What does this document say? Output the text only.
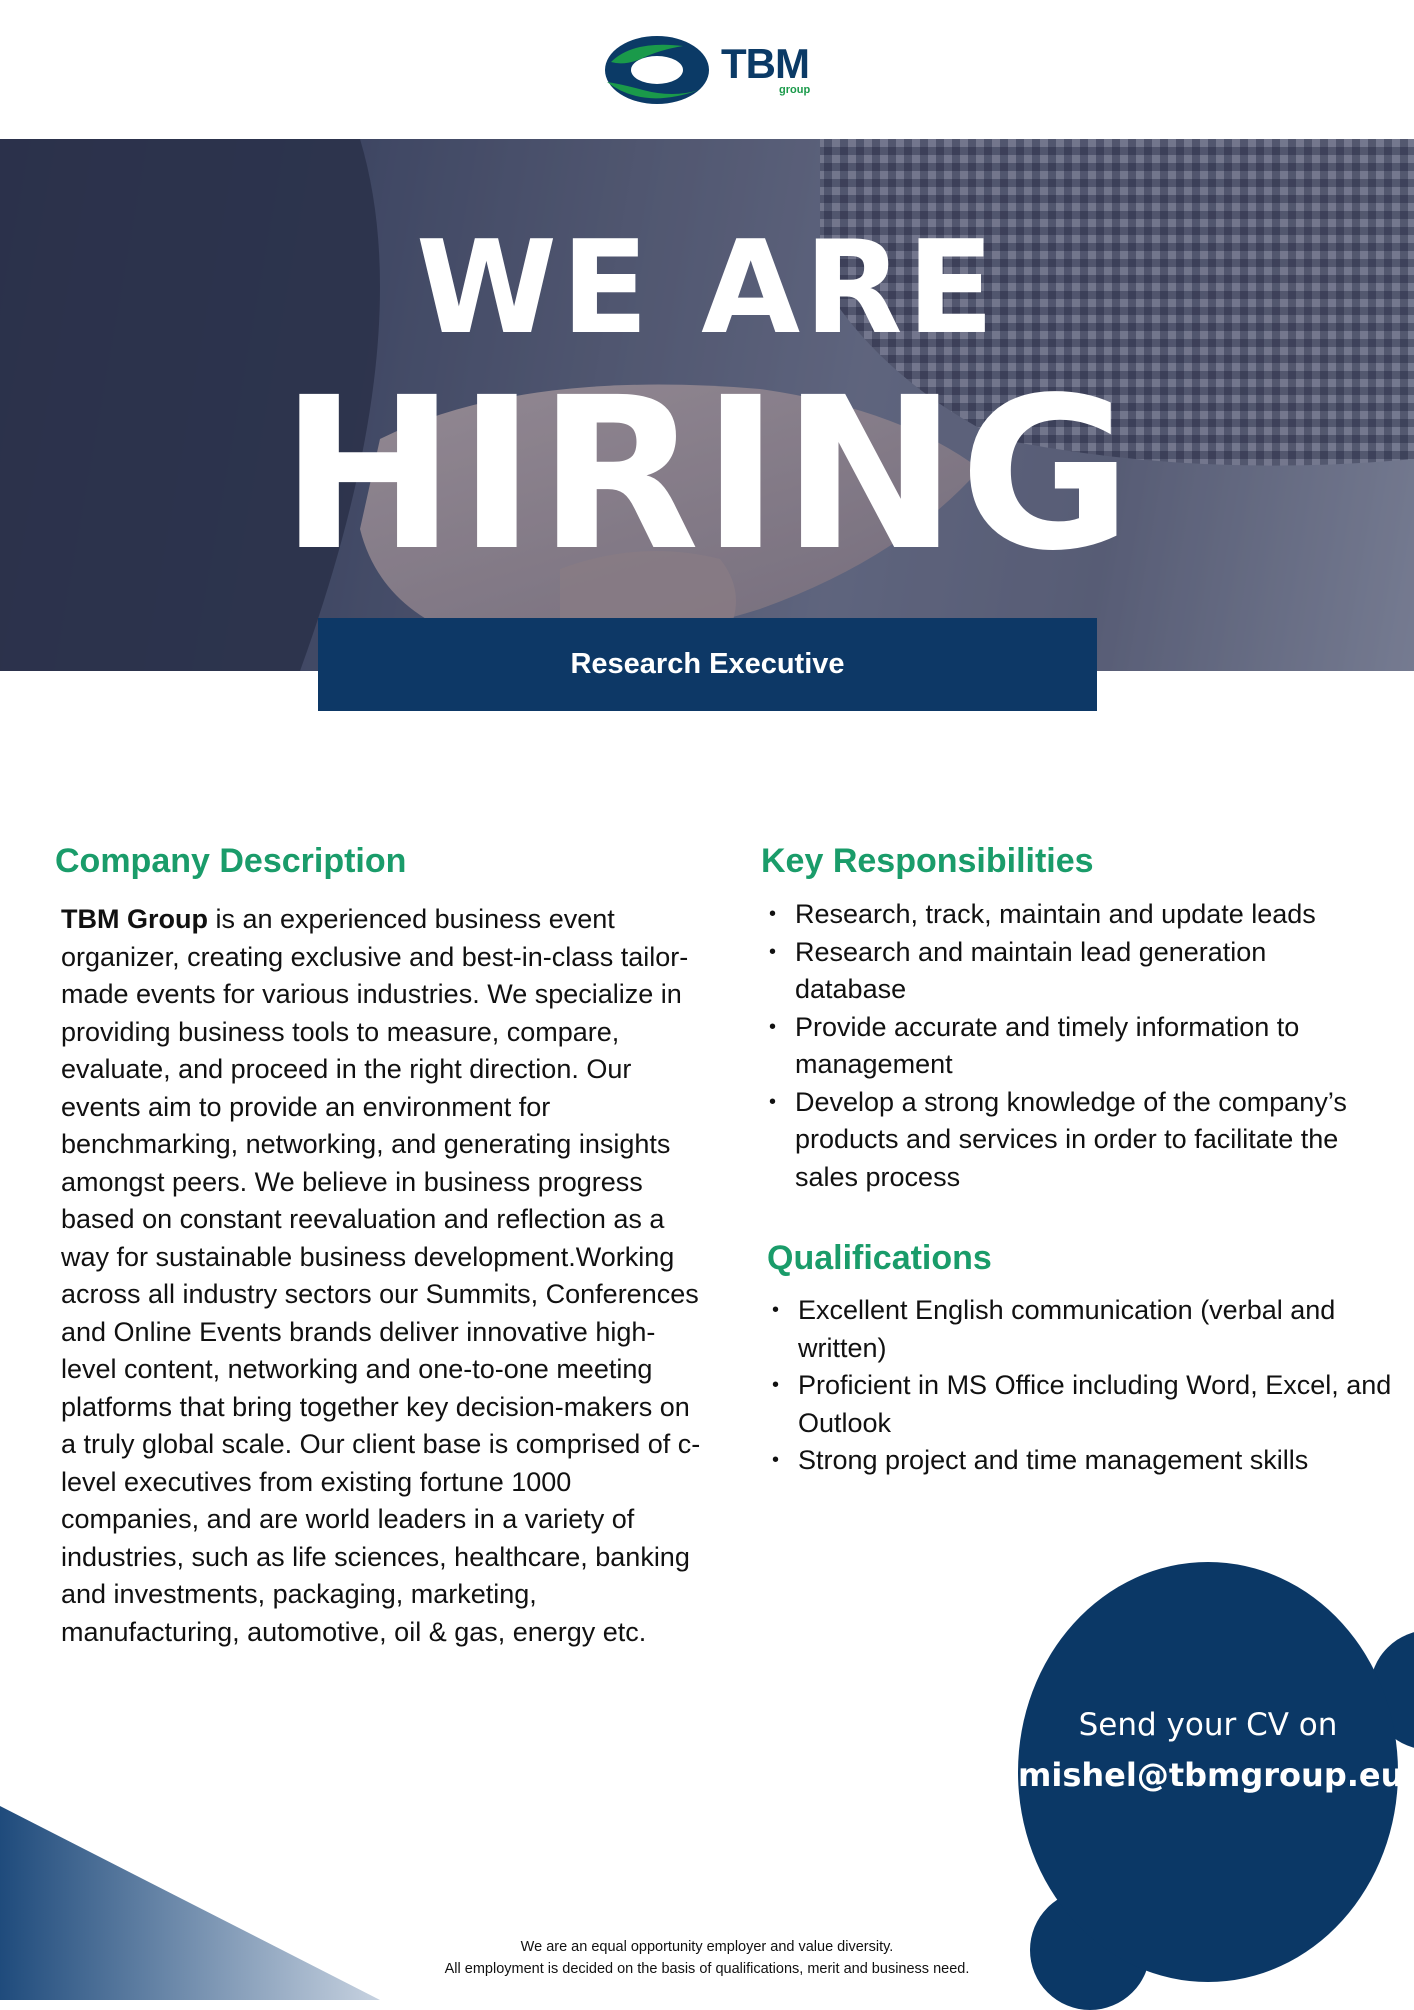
TBM
group
WE ARE
HIRING
Research Executive
Company Description

TBM Group is an experienced business event organizer, creating exclusive and best-in-class tailor-made events for various industries. We specialize in providing business tools to measure, compare, evaluate, and proceed in the right direction. Our events aim to provide an environment for benchmarking, networking, and generating insights amongst peers. We believe in business progress based on constant reevaluation and reflection as a way for sustainable business development.Working across all industry sectors our Summits, Conferences and Online Events brands deliver innovative high-level content, networking and one-to-one meeting platforms that bring together key decision-makers on a truly global scale. Our client base is comprised of c-level executives from existing fortune 1000 companies, and are world leaders in a variety of industries, such as life sciences, healthcare, banking and investments, packaging, marketing, manufacturing, automotive, oil & gas, energy etc.

Key Responsibilities
• Research, track, maintain and update leads
• Research and maintain lead generation database
• Provide accurate and timely information to management
• Develop a strong knowledge of the company’s products and services in order to facilitate the sales process
Qualifications
• Excellent English communication (verbal and written)
• Proficient in MS Office including Word, Excel, and Outlook
• Strong project and time management skills
Send your CV on
mishel@tbmgroup.eu
We are an equal opportunity employer and value diversity.
All employment is decided on the basis of qualifications, merit and business need.
